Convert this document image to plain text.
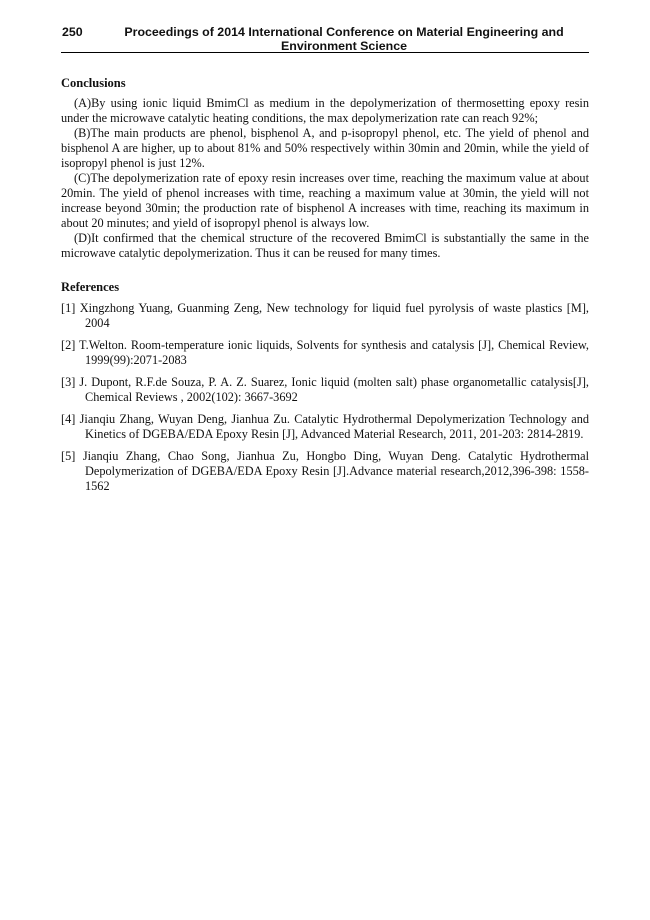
250	Proceedings of 2014 International Conference on Material Engineering and
Environment Science
Conclusions

(A)By using ionic liquid BmimCl as medium in the depolymerization of thermosetting epoxy resin under the microwave catalytic heating conditions, the max depolymerization rate can reach 92%;

(B)The main products are phenol, bisphenol A, and p-isopropyl phenol, etc. The yield of phenol and bisphenol A are higher, up to about 81% and 50% respectively within 30min and 20min, while the yield of isopropyl phenol is just 12%.

(C)The depolymerization rate of epoxy resin increases over time, reaching the maximum value at about 20min. The yield of phenol increases with time, reaching a maximum value at 30min, the yield will not increase beyond 30min; the production rate of bisphenol A increases with time, reaching its maximum in about 20 minutes; and yield of isopropyl phenol is always low.

(D)It confirmed that the chemical structure of the recovered BmimCl is substantially the same in the microwave catalytic depolymerization. Thus it can be reused for many times.

References

[1] Xingzhong Yuang, Guanming Zeng, New technology for liquid fuel pyrolysis of waste plastics [M], 2004

[2] T.Welton. Room-temperature ionic liquids, Solvents for synthesis and catalysis [J], Chemical Review, 1999(99):2071-2083

[3] J. Dupont, R.F.de Souza, P. A. Z. Suarez, Ionic liquid (molten salt) phase organometallic catalysis[J], Chemical Reviews , 2002(102): 3667-3692

[4] Jianqiu Zhang, Wuyan Deng, Jianhua Zu. Catalytic Hydrothermal Depolymerization Technology and Kinetics of DGEBA/EDA Epoxy Resin [J], Advanced Material Research, 2011, 201-203: 2814-2819.

[5] Jianqiu Zhang, Chao Song, Jianhua Zu, Hongbo Ding, Wuyan Deng. Catalytic Hydrothermal Depolymerization of DGEBA/EDA Epoxy Resin [J].Advance material research,2012,396-398: 1558-1562
